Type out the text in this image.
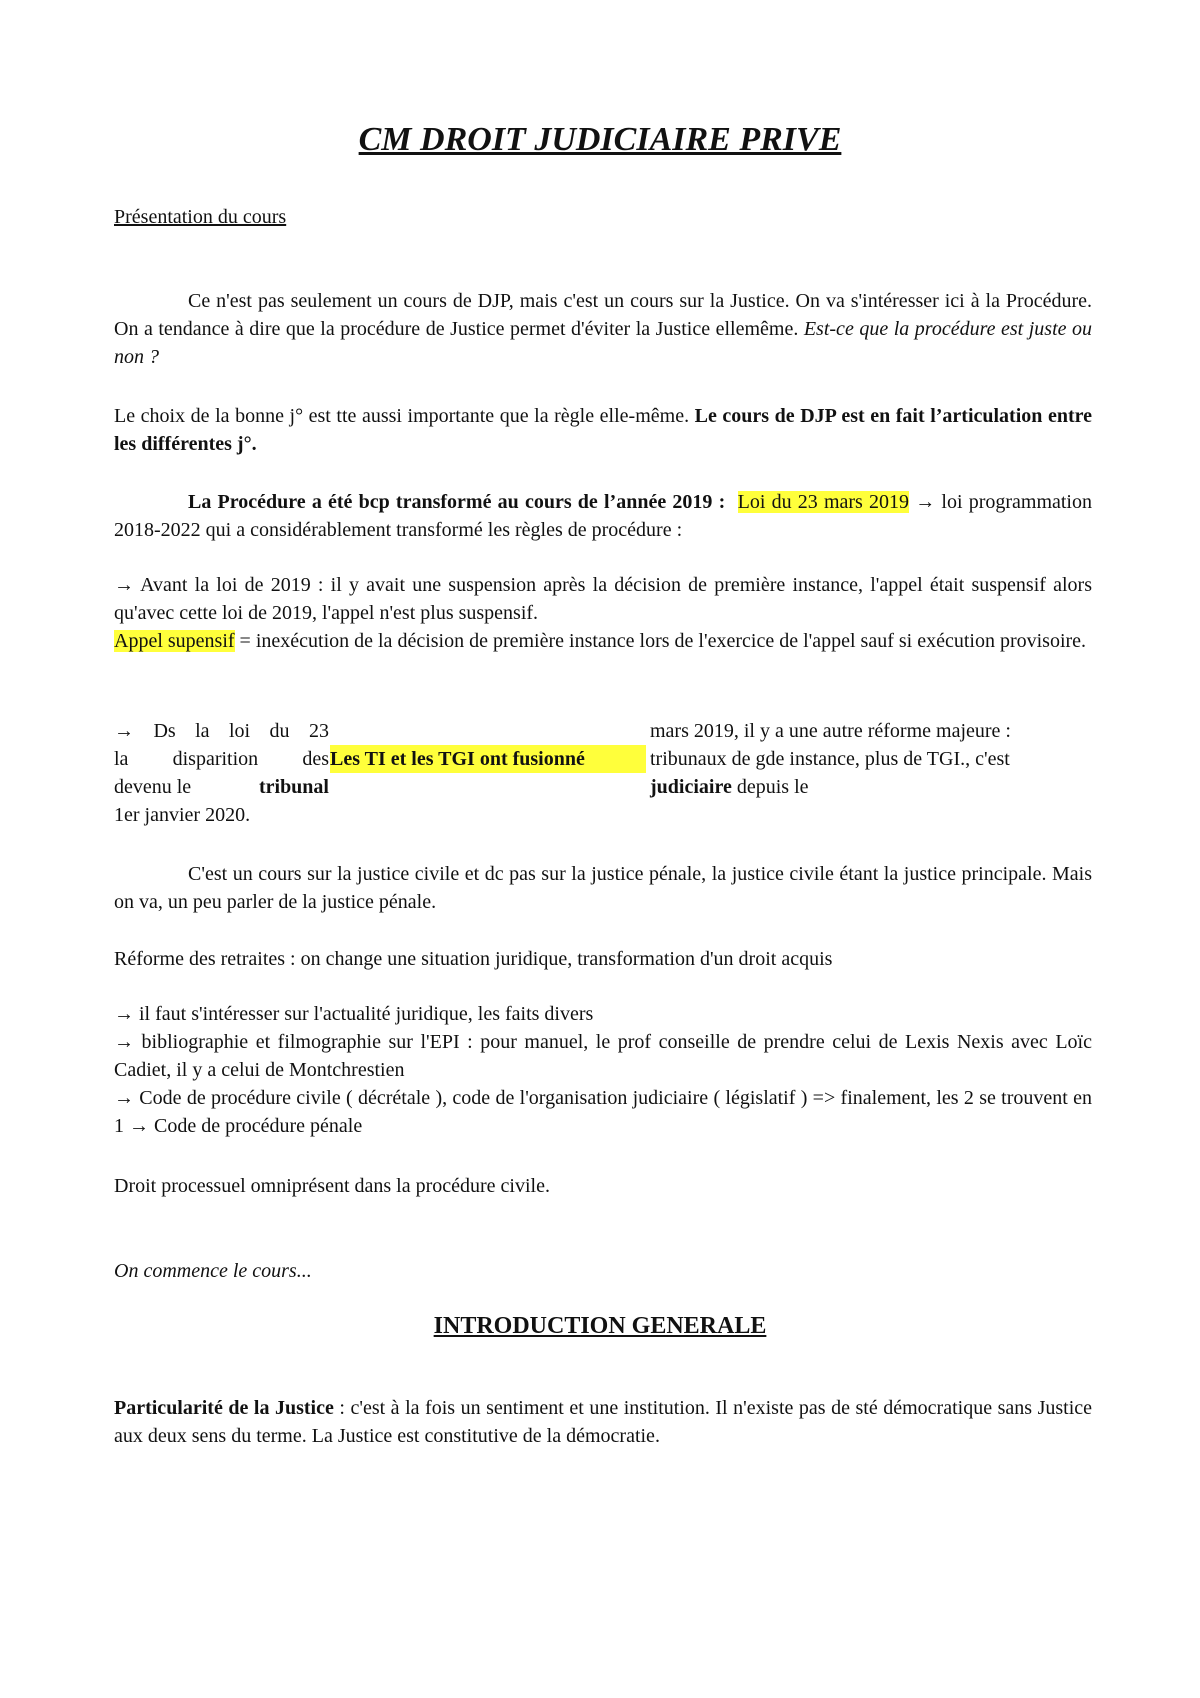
CM DROIT JUDICIAIRE PRIVE

Présentation du cours

Ce n'est pas seulement un cours de DJP, mais c'est un cours sur la Justice. On va s'intéresser ici à la Procédure. On a tendance à dire que la procédure de Justice permet d'éviter la Justice ellemême. Est-ce que la procédure est juste ou non ?

Le choix de la bonne j° est tte aussi importante que la règle elle-même. Le cours de DJP est en fait l’articulation entre les différentes j°.

La Procédure a été bcp transformé au cours de l’année 2019 : Loi du 23 mars 2019 → loi programmation 2018-2022 qui a considérablement transformé les règles de procédure :

→ Avant la loi de 2019 : il y avait une suspension après la décision de première instance, l'appel était suspensif alors qu'avec cette loi de 2019, l'appel n'est plus suspensif.
Appel supensif = inexécution de la décision de première instance lors de l'exercice de l'appel sauf si exécution provisoire.

→ Ds la loi du 23
la disparition des
devenu le	tribunal
1er janvier 2020.
Les TI et les TGI ont fusionné
mars 2019, il y a une autre réforme majeure :
tribunaux de gde instance, plus de TGI., c'est
judiciaire depuis le

C'est un cours sur la justice civile et dc pas sur la justice pénale, la justice civile étant la justice principale. Mais on va, un peu parler de la justice pénale.

Réforme des retraites : on change une situation juridique, transformation d'un droit acquis

→ il faut s'intéresser sur l'actualité juridique, les faits divers
→ bibliographie et filmographie sur l'EPI : pour manuel, le prof conseille de prendre celui de Lexis Nexis avec Loïc Cadiet, il y a celui de Montchrestien
→ Code de procédure civile ( décrétale ), code de l'organisation judiciaire ( législatif ) => finalement, les 2 se trouvent en 1 → Code de procédure pénale

Droit processuel omniprésent dans la procédure civile.

On commence le cours...

INTRODUCTION GENERALE

Particularité de la Justice : c'est à la fois un sentiment et une institution. Il n'existe pas de sté démocratique sans Justice aux deux sens du terme. La Justice est constitutive de la démocratie.
